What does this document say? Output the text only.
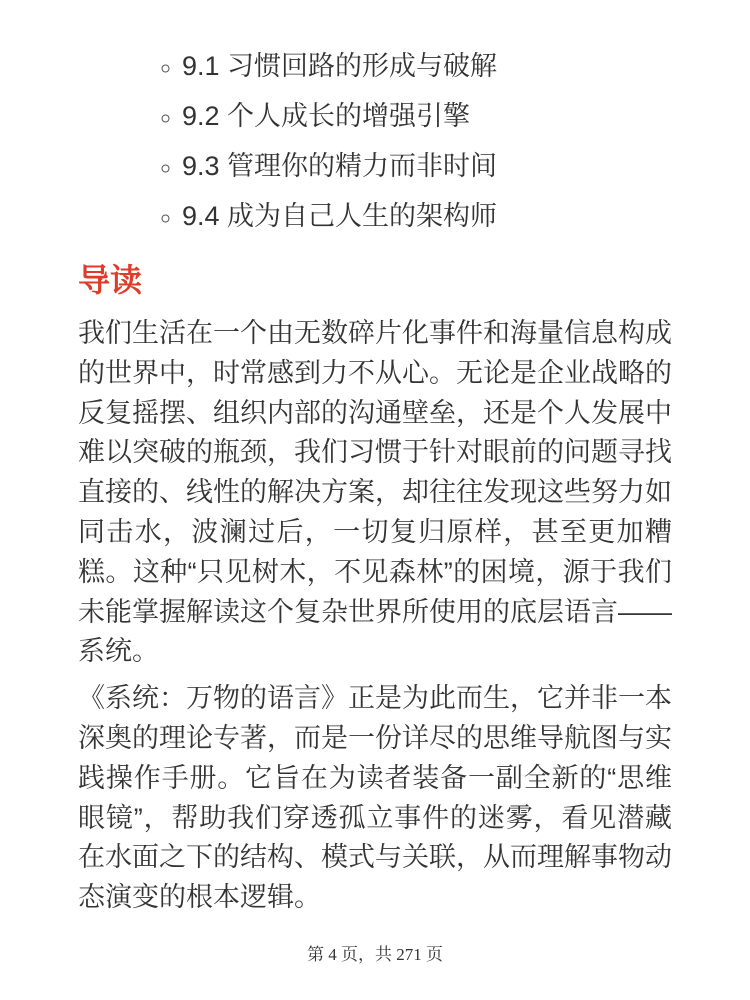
◦ 9.1 习惯回路的形成与破解
◦ 9.2 个人成长的增强引擎
◦ 9.3 管理你的精力而非时间
◦ 9.4 成为自己人生的架构师
导读

我们生活在一个由无数碎片化事件和海量信息构成的世界中，时常感到力不从心。无论是企业战略的反复摇摆、组织内部的沟通壁垒，还是个人发展中难以突破的瓶颈，我们习惯于针对眼前的问题寻找直接的、线性的解决方案，却往往发现这些努力如同击水，波澜过后，一切复归原样，甚至更加糟糕。这种“只见树木，不见森林”的困境，源于我们未能掌握解读这个复杂世界所使用的底层语言——系统。

《系统：万物的语言》正是为此而生，它并非一本深奥的理论专著，而是一份详尽的思维导航图与实践操作手册。它旨在为读者装备一副全新的“思维眼镜”，帮助我们穿透孤立事件的迷雾，看见潜藏在水面之下的结构、模式与关联，从而理解事物动态演变的根本逻辑。

第 4 页，共 271 页
